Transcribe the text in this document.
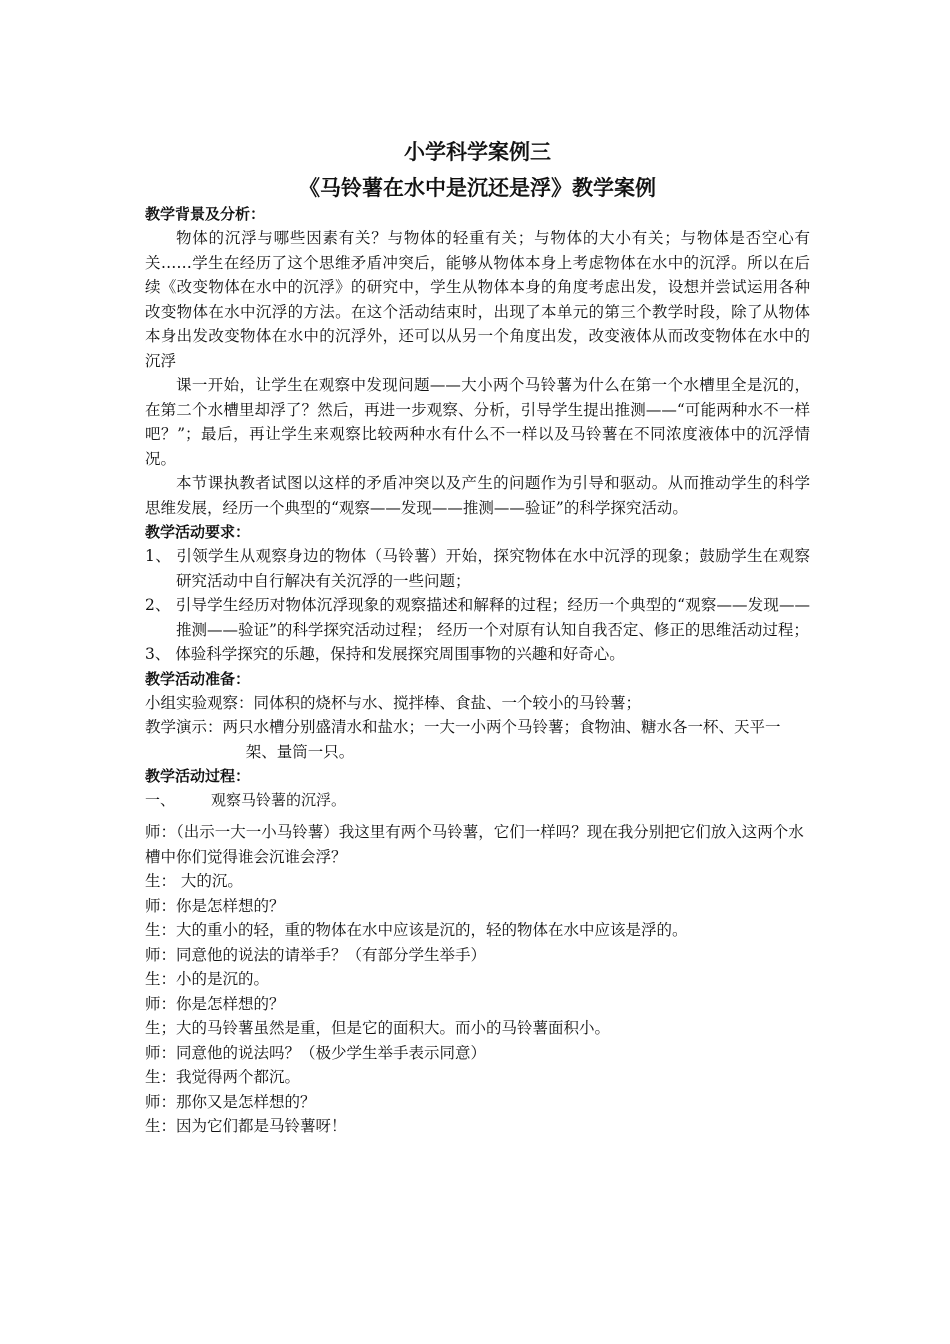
小学科学案例三
《马铃薯在水中是沉还是浮》教学案例
教学背景及分析：

物体的沉浮与哪些因素有关？与物体的轻重有关；与物体的大小有关；与物体是否空心有关……学生在经历了这个思维矛盾冲突后，能够从物体本身上考虑物体在水中的沉浮。所以在后续《改变物体在水中的沉浮》的研究中，学生从物体本身的角度考虑出发，设想并尝试运用各种改变物体在水中沉浮的方法。在这个活动结束时，出现了本单元的第三个教学时段，除了从物体本身出发改变物体在水中的沉浮外，还可以从另一个角度出发，改变液体从而改变物体在水中的沉浮

课一开始，让学生在观察中发现问题——大小两个马铃薯为什么在第一个水槽里全是沉的，在第二个水槽里却浮了？然后，再进一步观察、分析，引导学生提出推测——“可能两种水不一样吧？”；最后，再让学生来观察比较两种水有什么不一样以及马铃薯在不同浓度液体中的沉浮情况。

本节课执教者试图以这样的矛盾冲突以及产生的问题作为引导和驱动。从而推动学生的科学思维发展，经历一个典型的“观察——发现——推测——验证”的科学探究活动。

教学活动要求：

1、 引领学生从观察身边的物体（马铃薯）开始，探究物体在水中沉浮的现象；鼓励学生在观察研究活动中自行解决有关沉浮的一些问题；

2、 引导学生经历对物体沉浮现象的观察描述和解释的过程；经历一个典型的“观察——发现——推测——验证”的科学探究活动过程； 经历一个对原有认知自我否定、修正的思维活动过程；

3、 体验科学探究的乐趣，保持和发展探究周围事物的兴趣和好奇心。

教学活动准备：

小组实验观察：同体积的烧杯与水、搅拌棒、食盐、一个较小的马铃薯；

教学演示：两只水槽分别盛清水和盐水；一大一小两个马铃薯；食物油、糖水各一杯、天平一架、量筒一只。

教学活动过程：
一、 观察马铃薯的沉浮。

师：（出示一大一小马铃薯）我这里有两个马铃薯，它们一样吗？现在我分别把它们放入这两个水槽中你们觉得谁会沉谁会浮？

生： 大的沉。

师：你是怎样想的？

生：大的重小的轻，重的物体在水中应该是沉的，轻的物体在水中应该是浮的。

师：同意他的说法的请举手？（有部分学生举手）

生：小的是沉的。

师：你是怎样想的？

生；大的马铃薯虽然是重，但是它的面积大。而小的马铃薯面积小。

师：同意他的说法吗？（极少学生举手表示同意）

生：我觉得两个都沉。

师：那你又是怎样想的？

生：因为它们都是马铃薯呀！
